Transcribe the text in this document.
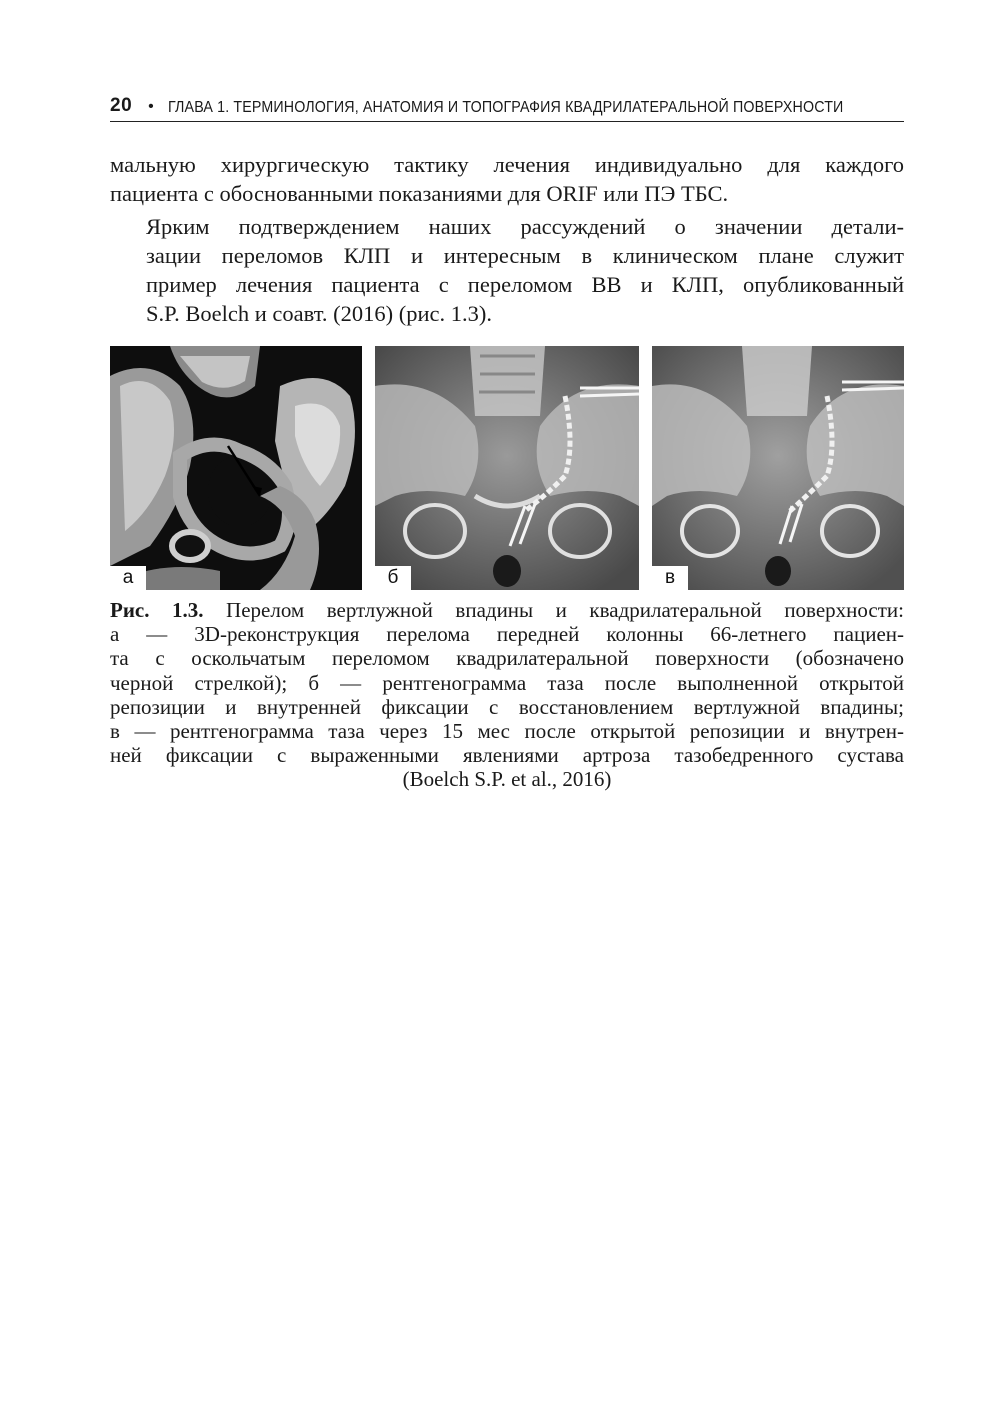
20 • ГЛАВА 1. ТЕРМИНОЛОГИЯ, АНАТОМИЯ И ТОПОГРАФИЯ КВАДРИЛАТЕРАЛЬНОЙ ПОВЕРХНОСТИ

мальную хирургическую тактику лечения индивидуально для каждого
пациента с обоснованными показаниями для ORIF или ПЭ ТБС.

Ярким подтверждением наших рассуждений о значении детали-
зации переломов КЛП и интересным в клиническом плане служит
пример лечения пациента с переломом ВВ и КЛП, опубликованный
S.P. Boelch и соавт. (2016) (рис. 1.3).

а	б	в
Рис. 1.3. Перелом вертлужной впадины и квадрилатеральной поверхности:
а — 3D-реконструкция перелома передней колонны 66-летнего пациен-
та с оскольчатым переломом квадрилатеральной поверхности (обозначено
черной стрелкой); б — рентгенограмма таза после выполненной открытой
репозиции и внутренней фиксации с восстановлением вертлужной впадины;
в — рентгенограмма таза через 15 мес после открытой репозиции и внутрен-
ней фиксации с выраженными явлениями артроза тазобедренного сустава
(Boelch S.P. et al., 2016)
